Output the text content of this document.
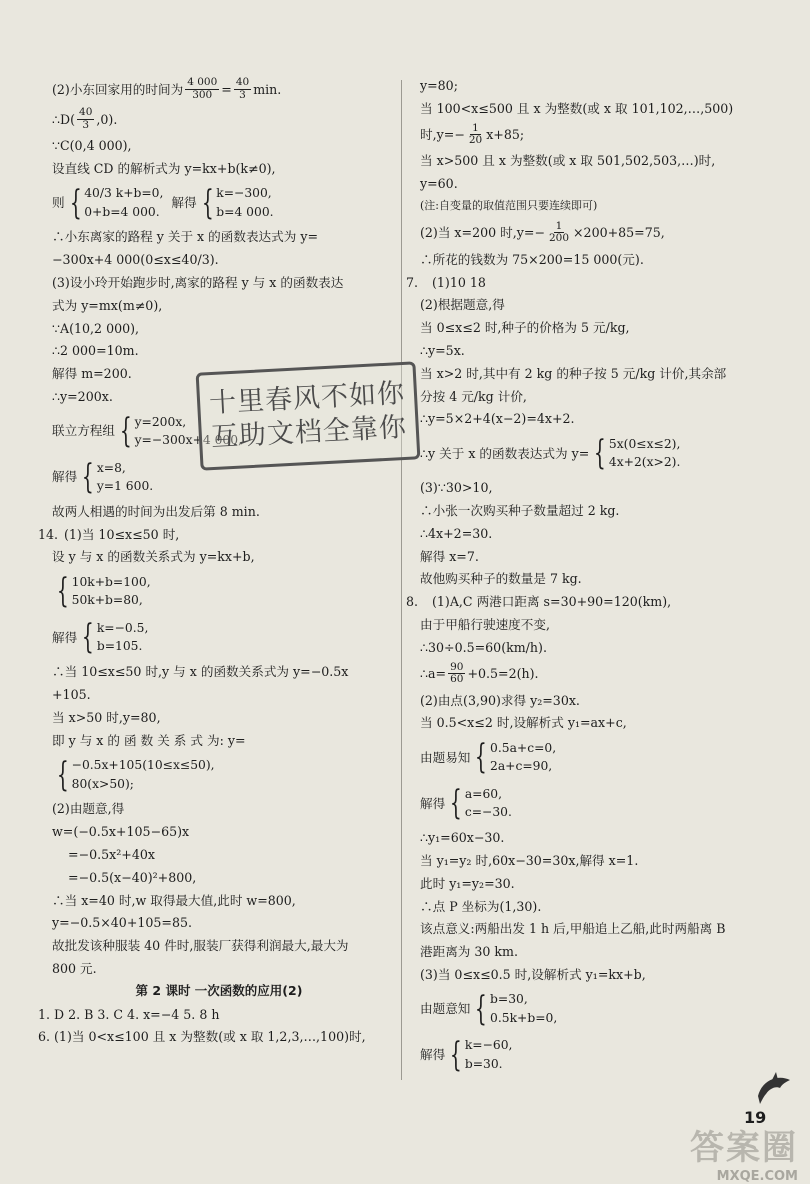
(2)小东回家用的时间为 $\frac{4 000}{300} = \frac{40}{3} \min$.
∴D( $\frac{40}{3} ,0$).
∵C(0,4 000),
设直线 CD 的解析式为 y=kx+b(k≠0),
则 { 40/3 k+b=0,
0+b=4 000.
解得 { k=−300,
b=4 000.
∴小东离家的路程 y 关于 x 的函数表达式为 y=
−300x+4 000(0≤x≤40/3).
(3)设小玲开始跑步时,离家的路程 y 与 x 的函数表达
式为 y=mx(m≠0),
∵A(10,2 000),
∴2 000=10m.
解得 m=200.
∴y=200x.
联立方程组 { y=200x,
y=−300x+4 000,
解得 { x=8,
y=1 600.
故两人相遇的时间为出发后第 8 min.
14. (1)当 10≤x≤50 时,
设 y 与 x 的函数关系式为 y=kx+b,
{ 10k+b=100,
50k+b=80,
解得 { k=−0.5,
b=105.
∴当 10≤x≤50 时,y 与 x 的函数关系式为 y=−0.5x
+105.
当 x>50 时,y=80,
即 y 与 x 的 函 数 关 系 式 为: y=
{ −0.5x+105(10≤x≤50),
80(x>50);
(2)由题意,得
w=(−0.5x+105−65)x
=−0.5x²+40x
=−0.5(x−40)²+800,
∴当 x=40 时,w 取得最大值,此时 w=800,
y=−0.5×40+105=85.
故批发该种服装 40 件时,服装厂获得利润最大,最大为
800 元.
第 2 课时 一次函数的应用(2)
1. D 2. B 3. C 4. x=−4 5. 8 h
6. (1)当 0<x≤100 且 x 为整数(或 x 取 1,2,3,…,100)时,
y=80;
当 100<x≤500 且 x 为整数(或 x 取 101,102,…,500)
时$,y=- \frac{1}{20} x+85$;
当 x>500 且 x 为整数(或 x 取 501,502,503,…)时,
y=60.
(注:自变量的取值范围只要连续即可)
(2)当 x=200 时$,y=- \frac{1}{200} \times 200+85=75$,
∴所花的钱数为 75×200=15 000(元).
7.	(1)10 18
(2)根据题意,得
当 0≤x≤2 时,种子的价格为 5 元/kg,
∴y=5x.
当 x>2 时,其中有 2 kg 的种子按 5 元/kg 计价,其余部
分按 4 元/kg 计价,
∴y=5×2+4(x−2)=4x+2.
∴y 关于 x 的函数表达式为 y= { 5x(0≤x≤2),
4x+2(x>2).
(3)∵30>10,
∴小张一次购买种子数量超过 2 kg.
∴4x+2=30.
解得 x=7.
故他购买种子的数量是 7 kg.
8.	(1)A,C 两港口距离 s=30+90=120(km),
由于甲船行驶速度不变,
∴30÷0.5=60(km/h).
∴a= $\frac{90}{60} +0.5=2(h)$.
(2)由点(3,90)求得 y₂=30x.
当 0.5<x≤2 时,设解析式 y₁=ax+c,
由题易知 { 0.5a+c=0,
2a+c=90,
解得 { a=60,
c=−30.
∴y₁=60x−30.
当 y₁=y₂ 时,60x−30=30x,解得 x=1.
此时 y₁=y₂=30.
∴点 P 坐标为(1,30).
该点意义:两船出发 1 h 后,甲船追上乙船,此时两船离 B
港距离为 30 km.
(3)当 0≤x≤0.5 时,设解析式 y₁=kx+b,
由题意知 { b=30,
0.5k+b=0,
解得 { k=−60,
b=30.
十里春风不如你
互助文档全靠你
19
答案圈
MXQE.COM
